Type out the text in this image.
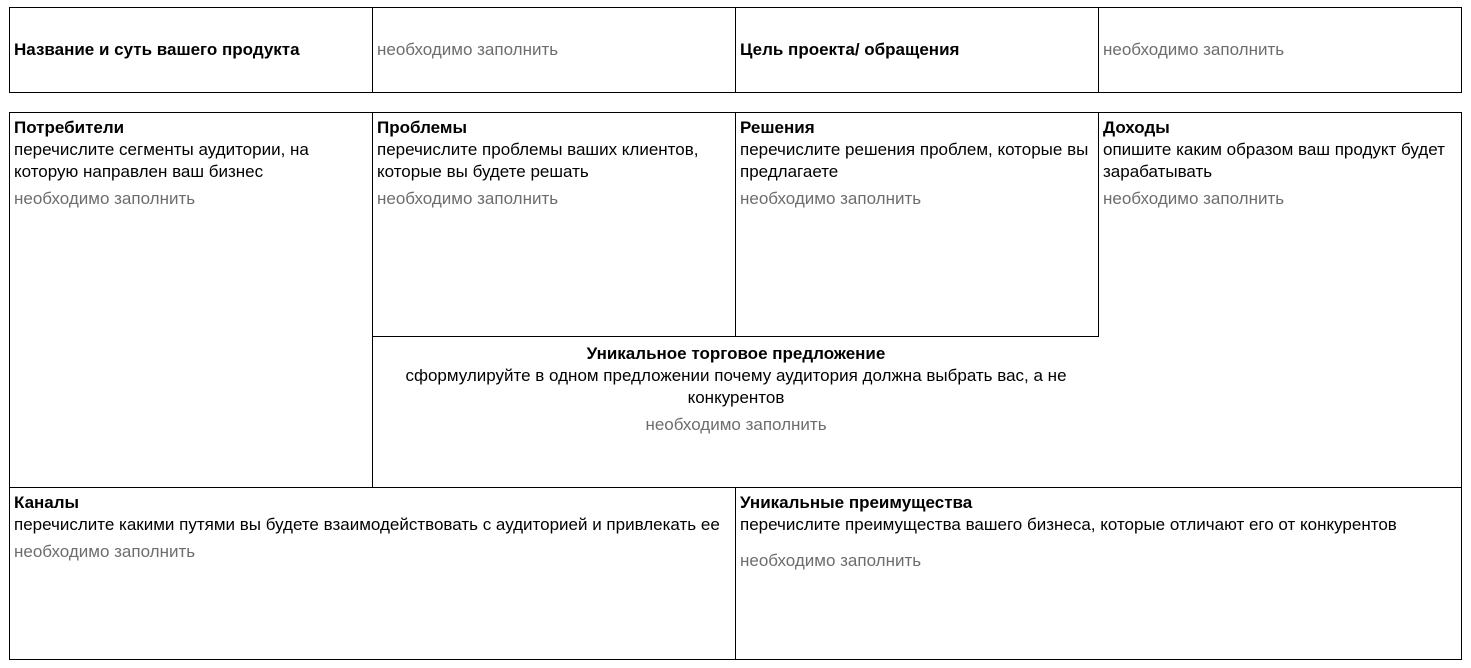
Название и суть вашего продукта	необходимо заполнить	Цель проекта/ обращения	необходимо заполнить
Потребители
перечислите сегменты аудитории, на которую направлен ваш бизнес
необходимо заполнить
Проблемы
перечислите проблемы ваших клиентов, которые вы будете решать
необходимо заполнить
Решения
перечислите решения проблем, которые вы предлагаете
необходимо заполнить
Доходы
опишите каким образом ваш продукт будет зарабатывать
необходимо заполнить
Уникальное торговое предложение
сформулируйте в одном предложении почему аудитория должна выбрать вас, а не конкурентов
необходимо заполнить
Каналы
перечислите какими путями вы будете взаимодействовать с аудиторией и привлекать ее
необходимо заполнить
Уникальные преимущества
перечислите преимущества вашего бизнеса, которые отличают его от конкурентов
необходимо заполнить
